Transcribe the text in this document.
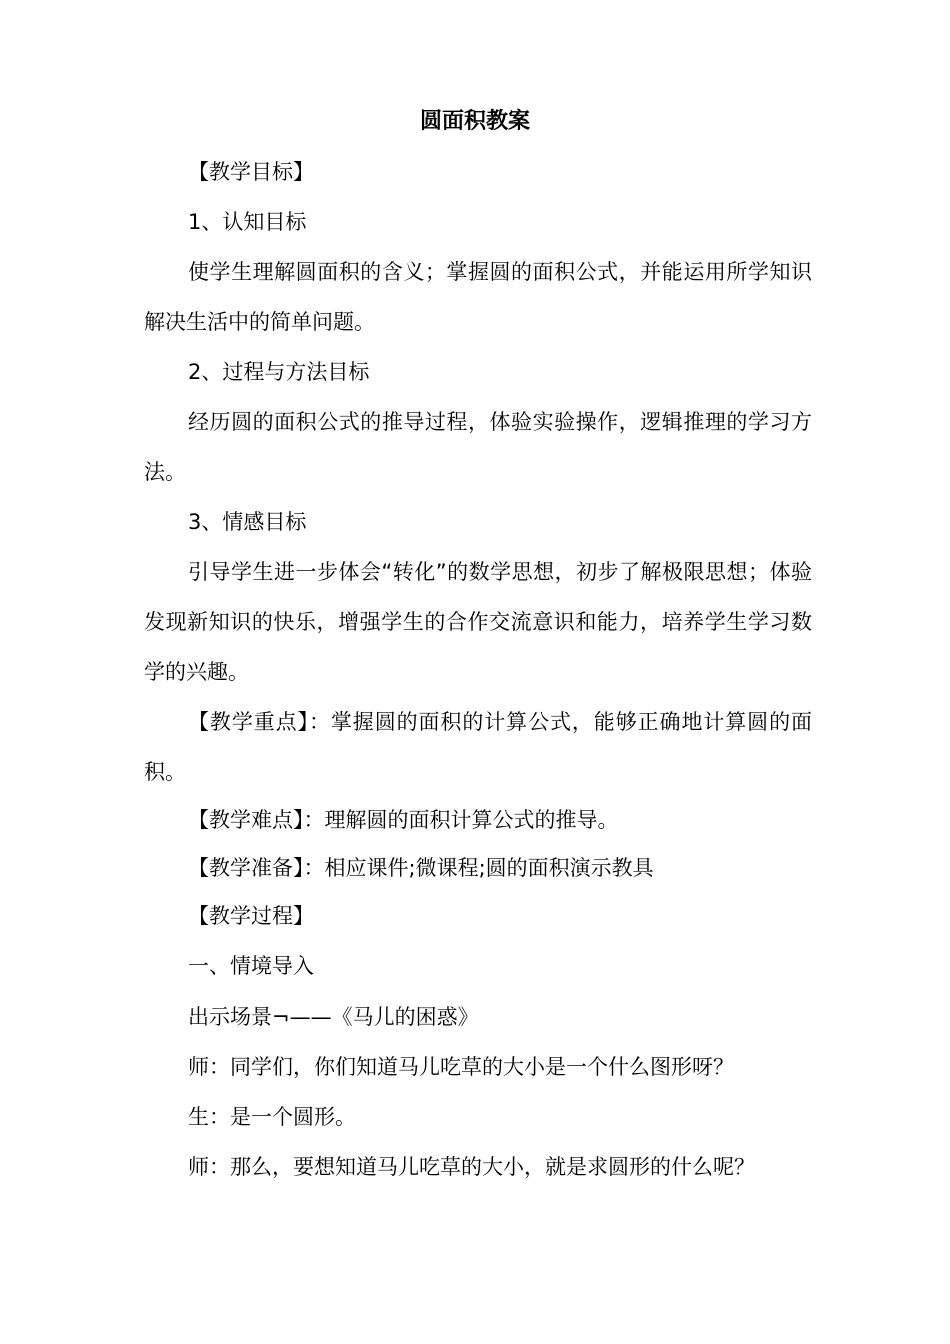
圆面积教案

【教学目标】

1、认知目标

使学生理解圆面积的含义；掌握圆的面积公式，并能运用所学知识解决生活中的简单问题。

2、过程与方法目标

经历圆的面积公式的推导过程，体验实验操作，逻辑推理的学习方法。

3、情感目标

引导学生进一步体会“转化”的数学思想，初步了解极限思想；体验发现新知识的快乐，增强学生的合作交流意识和能力，培养学生学习数学的兴趣。

【教学重点】：掌握圆的面积的计算公式，能够正确地计算圆的面积。

【教学难点】：理解圆的面积计算公式的推导。

【教学准备】：相应课件;微课程;圆的面积演示教具

【教学过程】

一、情境导入

出示场景¬——《马儿的困惑》

师：同学们，你们知道马儿吃草的大小是一个什么图形呀？

生：是一个圆形。

师：那么，要想知道马儿吃草的大小，就是求圆形的什么呢？
